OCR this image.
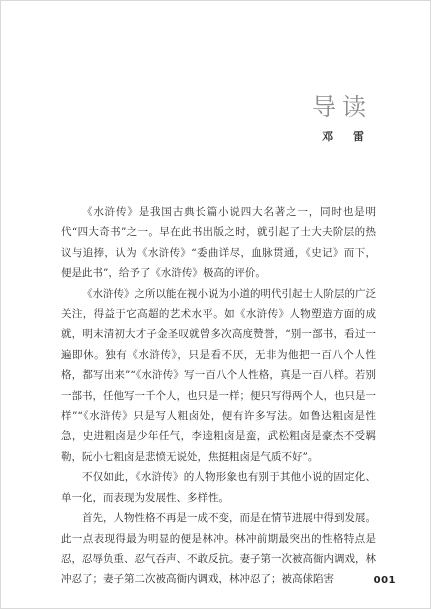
导读
邓 雷

《水浒传》是我国古典长篇小说四大名著之一，同时也是明代“四大奇书”之一。早在此书出版之时，就引起了士大夫阶层的热议与追捧，认为《水浒传》“委曲详尽，血脉贯通，《史记》而下，便是此书”，给予了《水浒传》极高的评价。

《水浒传》之所以能在视小说为小道的明代引起士人阶层的广泛关注，得益于它高超的艺术水平。如《水浒传》人物塑造方面的成就，明末清初大才子金圣叹就曾多次高度赞誉，“别一部书，看过一遍即休。独有《水浒传》，只是看不厌，无非为他把一百八个人性格，都写出来”“《水浒传》写一百八个人性格，真是一百八样。若别一部书，任他写一千个人，也只是一样；便只写得两个人，也只是一样”“《水浒传》只是写人粗卤处，便有许多写法。如鲁达粗卤是性急，史进粗卤是少年任气，李逵粗卤是蛮，武松粗卤是豪杰不受羁勒，阮小七粗卤是悲愤无说处，焦挺粗卤是气质不好”。

不仅如此，《水浒传》的人物形象也有别于其他小说的固定化、单一化，而表现为发展性、多样性。

首先，人物性格不再是一成不变，而是在情节进展中得到发展。此一点表现得最为明显的便是林冲。林冲前期最突出的性格特点是忍，忍辱负重、忍气吞声、不敢反抗。妻子第一次被高衙内调戏，林冲忍了；妻子第二次被高衙内调戏，林冲忍了；被高俅陷害	001
